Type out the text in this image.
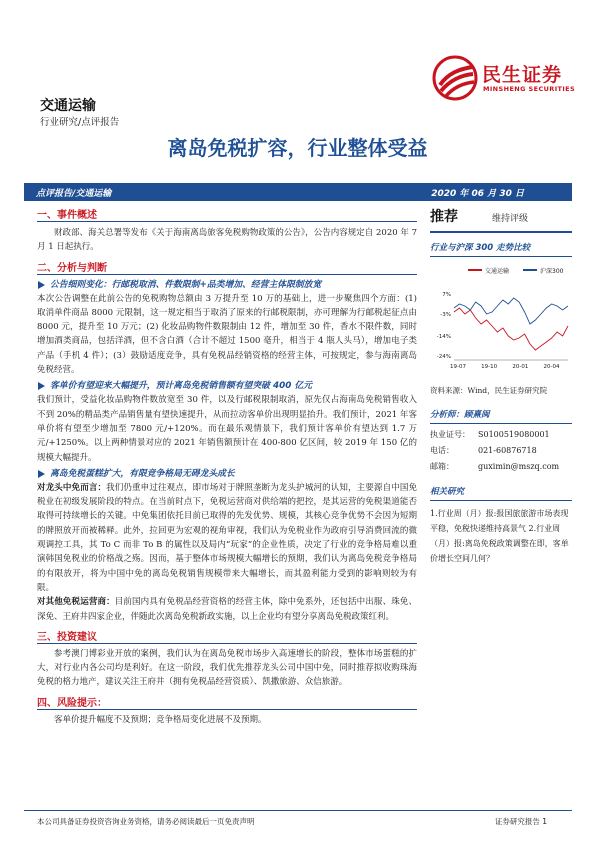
民生证券
MINSHENG SECURITIES
交通运输
行业研究/点评报告
离岛免税扩容，行业整体受益
点评报告/交通运输	2020 年 06 月 30 日
一、事件概述

财政部、海关总署等发布《关于海南离岛旅客免税购物政策的公告》，公告内容规定自 2020 年 7 月 1 日起执行。

二、分析与判断
公告细则变化：行邮税取消、件数限制+品类增加、经营主体限制放宽

本次公告调整在此前公告的免税购物总额由 3 万提升至 10 万的基础上，进一步聚焦四个方面：(1) 取消单件商品 8000 元限制，这一规定相当于取消了原来的行邮税限制，亦可理解为行邮税起征点由 8000 元，提升至 10 万元；(2) 化妆品购物件数限制由 12 件，增加至 30 件，香水不限件数，同时增加酒类商品，包括洋酒，但不含白酒（合计不超过 1500 毫升，相当于 4 瓶人头马），增加电子类产品（手机 4 件）；(3）鼓励适度竞争，具有免税品经销资格的经营主体，可按规定，参与海南离岛免税经营。

客单价有望迎来大幅提升，预计离岛免税销售额有望突破 400 亿元

我们预计，受益化妆品购物件数放宽至 30 件，以及行邮税限制取消，原先仅占海南岛免税销售收入不到 20%的精品类产品销售量有望快速提升，从而拉动客单价出现明显抬升。我们预计，2021 年客单价将有望至少增加至 7800 元/+120%。而在最乐观情景下，我们预计客单价有望达到 1.7 万元/+1250%。以上两种情景对应的 2021 年销售额预计在 400-800 亿区间，较 2019 年 150 亿的规模大幅提升。

离岛免税蛋糕扩大，有限竞争格局无碍龙头成长

对龙头中免而言：我们仍重申过往观点，即市场对于牌照垄断为龙头护城河的认知，主要源自中国免税业在初级发展阶段的特点。在当前时点下，免税运营商对供给端的把控，是其运营的免税渠道能否取得可持续增长的关键。中免集团依托目前已取得的先发优势、规模，其核心竞争优势不会因为短期的牌照放开而被稀释。此外，拉回更为宏观的视角审视，我们认为免税业作为政府引导消费回流的微观调控工具，其 To C 而非 To B 的属性以及局内“玩家”的企业性质，决定了行业的竞争格局难以重演韩国免税业的价格战之殇。因而，基于整体市场规模大幅增长的预期，我们认为离岛免税竞争格局的有限放开，将为中国中免的离岛免税销售规模带来大幅增长，而其盈利能力受到的影响则较为有限。

对其他免税运营商：目前国内具有免税品经营资格的经营主体，除中免系外，还包括中出服、珠免、深免、王府井四家企业，伴随此次离岛免税新政实施，以上企业均有望分享离岛免税政策红利。

三、投资建议

参考澳门博彩业开放的案例，我们认为在离岛免税市场步入高速增长的阶段，整体市场蛋糕的扩大，对行业内各公司均是利好。在这一阶段，我们优先推荐龙头公司中国中免，同时推荐拟收购珠海免税的格力地产，建议关注王府井（拥有免税品经营资质）、凯撒旅游、众信旅游。

四、风险提示：

客单价提升幅度不及预期；竞争格局变化进展不及预期。

推荐	维持评级
行业与沪深 300 走势比较
交通运输	沪深300
7%
-3%
-14%
-24%
19-07	19-10	20-01	20-04
资料来源：Wind，民生证券研究院
分析师：顾熹闽
执业证号： S0100519080001
电话：	021-60876718
邮箱：	guximin@mszq.com
相关研究

1.行业周（月）报:报国旅旅游市场表现平稳，免税快递维持高景气 2.行业周（月）报:离岛免税政策调整在即，客单价增长空间几何？

本公司具备证券投资咨询业务资格，请务必阅读最后一页免责声明	证券研究报告 1
